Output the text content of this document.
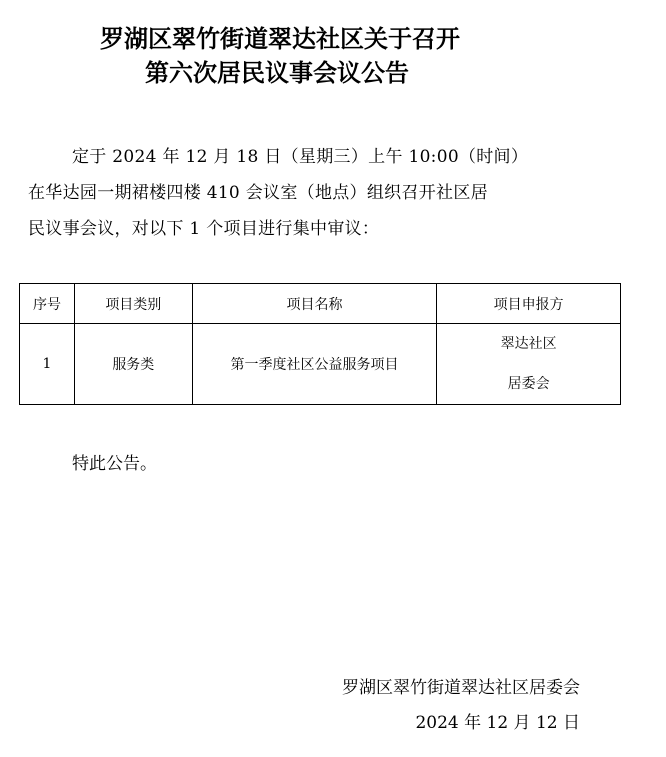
罗湖区翠竹街道翠达社区关于召开
第六次居民议事会议公告
定于 2024 年 12 月 18 日（星期三）上午 10:00（时间）
在华达园一期裙楼四楼 410 会议室（地点）组织召开社区居
民议事会议，对以下 1 个项目进行集中审议：
序号	项目类别	项目名称	项目申报方
1	服务类	第一季度社区公益服务项目	翠达社区
居委会
特此公告。
罗湖区翠竹街道翠达社区居委会
2024 年 12 月 12 日
